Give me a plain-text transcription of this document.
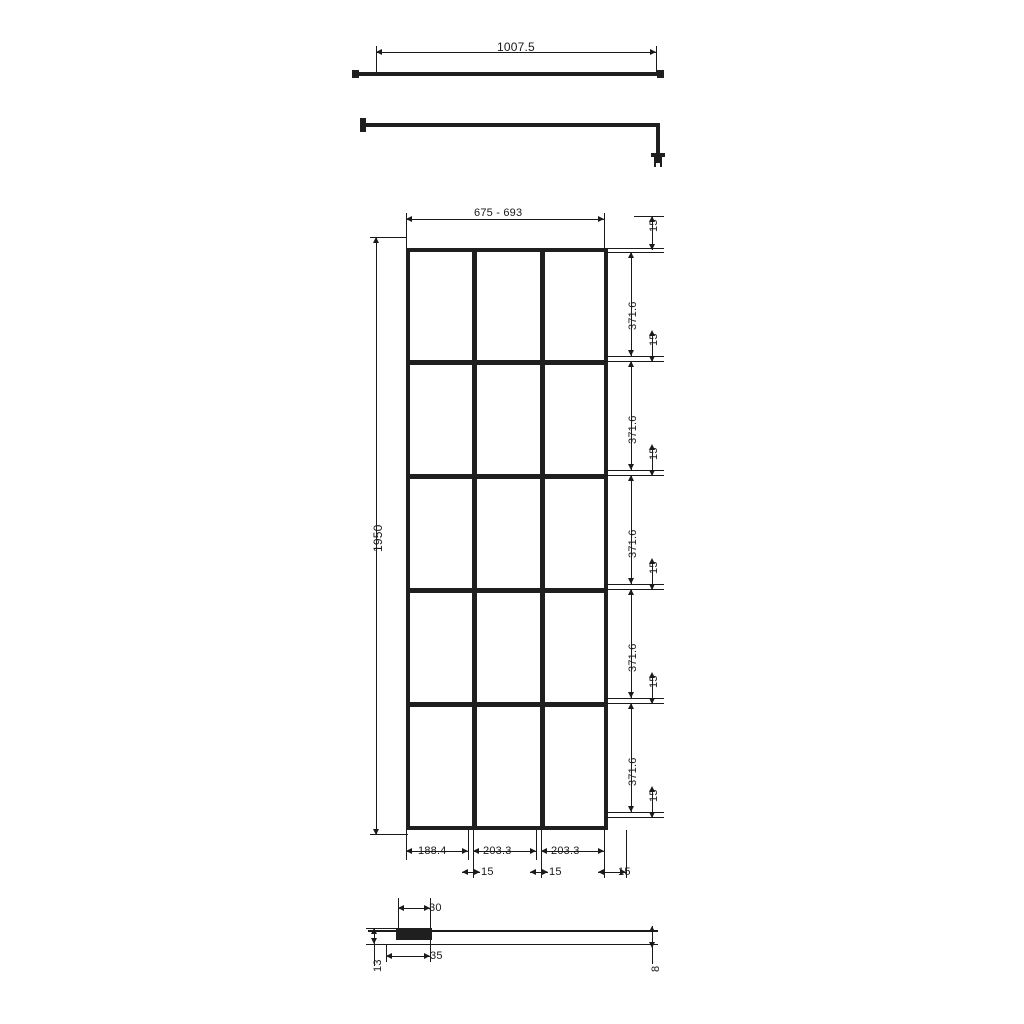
1007.5
675 - 693
1950
15
371.6
15
371.6
15
371.6
15
371.6
15
371.6
15
188.4	203.3	203.3
15	15	15
30
35
13	8
